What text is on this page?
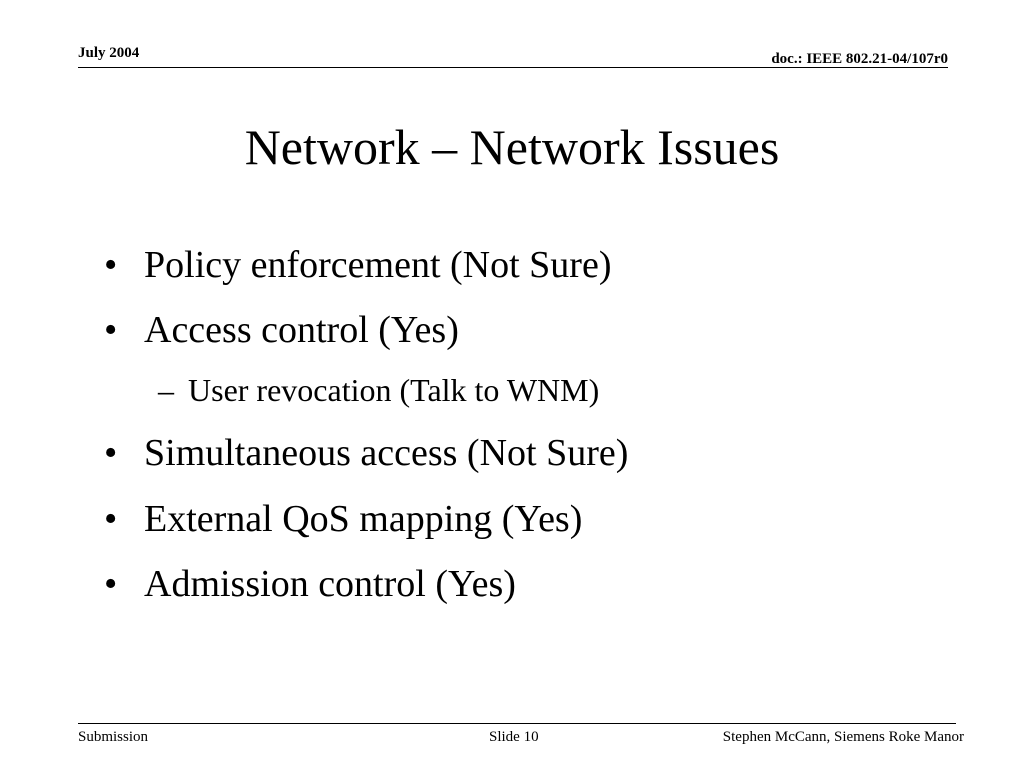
July 2004	doc.: IEEE 802.21-04/107r0
Network – Network Issues
• Policy enforcement (Not Sure)
• Access control (Yes)
– User revocation (Talk to WNM)
• Simultaneous access (Not Sure)
• External QoS mapping (Yes)
• Admission control (Yes)
Submission	Slide 10	Stephen McCann, Siemens Roke Manor
